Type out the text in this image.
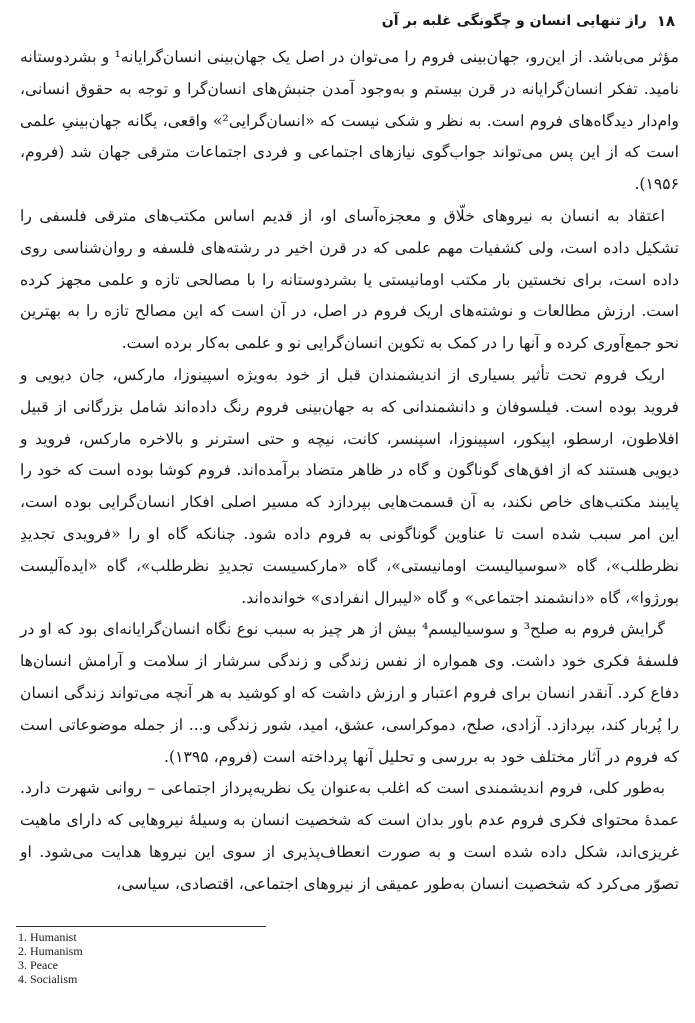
۱۸
راز تنهایی انسان و چگونگی غلبه بر آن

مؤثر می‌باشد. از این‌رو، جهان‌بینی فروم را می‌توان در اصل یک جهان‌بینی انسان‌گرایانه¹ و بشردوستانه نامید. تفکر انسان‌گرایانه در قرن بیستم و به‌وجود آمدن جنبش‌های انسان‌گرا و توجه به حقوق انسانی، وام‌دار دیدگاه‌های فروم است. به نظر و شکی نیست که «انسان‌گرایی²» واقعی، یگانه جهان‌بینیِ علمی است که از این پس می‌تواند جواب‌گوی نیازهای اجتماعی و فردی اجتماعات مترقی جهان شد (فروم، ۱۹۵۶).

اعتقاد به انسان به نیروهای خلّاق و معجزه‌آسای او، از قدیم اساس مکتب‌های مترقی فلسفی را تشکیل داده است، ولی کشفیات مهم علمی که در قرن اخیر در رشته‌های فلسفه و روان‌شناسی روی داده است، برای نخستین بار مکتب اومانیستی یا بشردوستانه را با مصالحی تازه و علمی مجهز کرده است. ارزش مطالعات و نوشته‌های اریک فروم در اصل، در آن است که این مصالح تازه را به بهترین نحو جمع‌آوری کرده و آنها را در کمک به تکوین انسان‌گرایی نو و علمی به‌کار برده است.

اریک فروم تحت تأثیر بسیاری از اندیشمندان قبل از خود به‌ویژه اسپینوزا، مارکس، جان دیویی و فروید بوده است. فیلسوفان و دانشمندانی که به جهان‌بینی فروم رنگ داده‌اند شامل بزرگانی از قبیل افلاطون، ارسطو، اپیکور، اسپینوزا، اسپنسر، کانت، نیچه و حتی استرنر و بالاخره مارکس، فروید و دیویی هستند که از افق‌های گوناگون و گاه در ظاهر متضاد برآمده‌اند. فروم کوشا بوده است که خود را پایبند مکتب‌های خاص نکند، به آن قسمت‌هایی بپردازد که مسیر اصلی افکار انسان‌گرایی بوده است، این امر سبب شده است تا عناوین گوناگونی به فروم داده شود. چنانکه گاه او را «فرویدی تجدیدِ نظرطلب»، گاه «سوسیالیست اومانیستی»، گاه «مارکسیست تجدیدِ نظرطلب»، گاه «ایده‌آلیست بورژوا»، گاه «دانشمند اجتماعی» و گاه «لیبرال انفرادی» خوانده‌اند.

گرایش فروم به صلح³ و سوسیالیسم⁴ بیش از هر چیز به سبب نوع نگاه انسان‌گرایانه‌ای بود که او در فلسفهٔ فکری خود داشت. وی همواره از نفس زندگی و زندگی سرشار از سلامت و آرامش انسان‌ها دفاع کرد. آنقدر انسان برای فروم اعتبار و ارزش داشت که او کوشید به هر آنچه می‌تواند زندگی انسان را پُربار کند، بپردازد. آزادی، صلح، دموکراسی، عشق، امید، شور زندگی و... از جمله موضوعاتی است که فروم در آثار مختلف خود به بررسی و تحلیل آنها پرداخته است (فروم، ۱۳۹۵).

به‌طور کلی، فروم اندیشمندی است که اغلب به‌عنوان یک نظریه‌پرداز اجتماعی – روانی شهرت دارد. عمدهٔ محتوای فکری فروم عدم باور بدان است که شخصیت انسان به وسیلهٔ نیروهایی که دارای ماهیت غریزی‌اند، شکل داده شده است و به صورت انعطاف‌پذیری از سوی این نیروها هدایت می‌شود. او تصوّر می‌کرد که شخصیت انسان به‌طور عمیقی از نیروهای اجتماعی، اقتصادی، سیاسی،

1. Humanist
2. Humanism
3. Peace
4. Socialism
